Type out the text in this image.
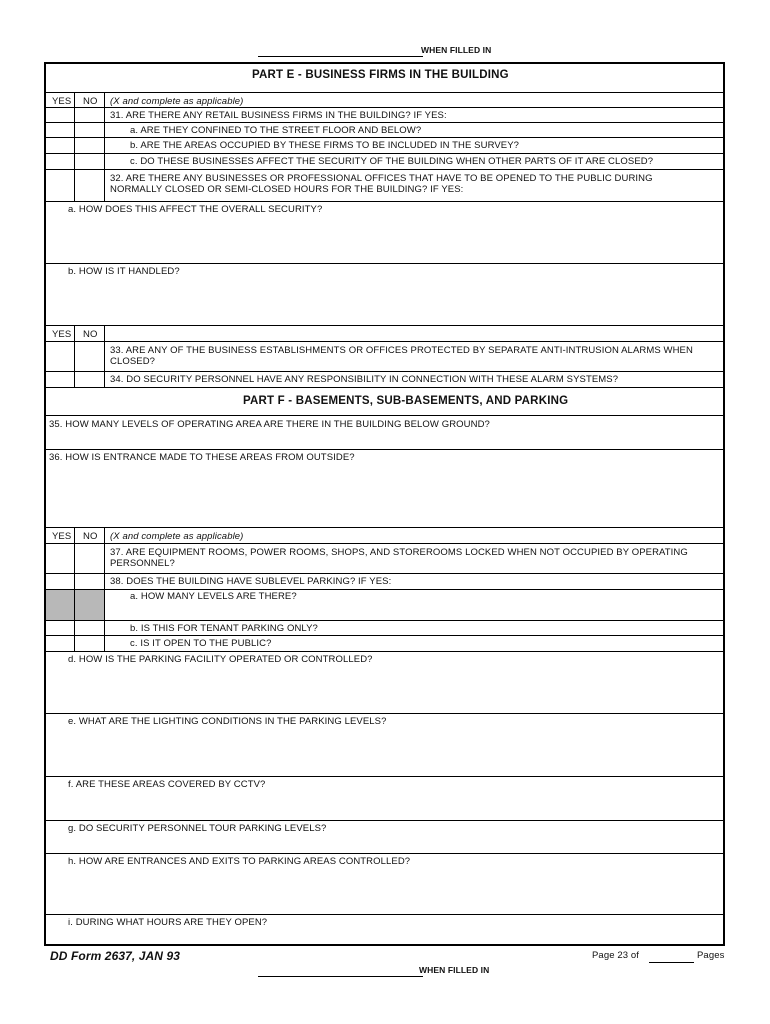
WHEN FILLED IN
PART E - BUSINESS FIRMS IN THE BUILDING
YES NO (X and complete as applicable)
31. ARE THERE ANY RETAIL BUSINESS FIRMS IN THE BUILDING? IF YES:
a. ARE THEY CONFINED TO THE STREET FLOOR AND BELOW?
b. ARE THE AREAS OCCUPIED BY THESE FIRMS TO BE INCLUDED IN THE SURVEY?
c. DO THESE BUSINESSES AFFECT THE SECURITY OF THE BUILDING WHEN OTHER PARTS OF IT ARE CLOSED?
32. ARE THERE ANY BUSINESSES OR PROFESSIONAL OFFICES THAT HAVE TO BE OPENED TO THE PUBLIC DURING NORMALLY CLOSED OR SEMI-CLOSED HOURS FOR THE BUILDING? IF YES:
a. HOW DOES THIS AFFECT THE OVERALL SECURITY?
b. HOW IS IT HANDLED?
YES NO
33. ARE ANY OF THE BUSINESS ESTABLISHMENTS OR OFFICES PROTECTED BY SEPARATE ANTI-INTRUSION ALARMS WHEN CLOSED?
34. DO SECURITY PERSONNEL HAVE ANY RESPONSIBILITY IN CONNECTION WITH THESE ALARM SYSTEMS?
PART F - BASEMENTS, SUB-BASEMENTS, AND PARKING
35. HOW MANY LEVELS OF OPERATING AREA ARE THERE IN THE BUILDING BELOW GROUND?
36. HOW IS ENTRANCE MADE TO THESE AREAS FROM OUTSIDE?
YES NO (X and complete as applicable)
37. ARE EQUIPMENT ROOMS, POWER ROOMS, SHOPS, AND STOREROOMS LOCKED WHEN NOT OCCUPIED BY OPERATING PERSONNEL?
38. DOES THE BUILDING HAVE SUBLEVEL PARKING? IF YES:
a. HOW MANY LEVELS ARE THERE?
b. IS THIS FOR TENANT PARKING ONLY?
c. IS IT OPEN TO THE PUBLIC?
d. HOW IS THE PARKING FACILITY OPERATED OR CONTROLLED?
e. WHAT ARE THE LIGHTING CONDITIONS IN THE PARKING LEVELS?
f. ARE THESE AREAS COVERED BY CCTV?
g. DO SECURITY PERSONNEL TOUR PARKING LEVELS?
h. HOW ARE ENTRANCES AND EXITS TO PARKING AREAS CONTROLLED?
i. DURING WHAT HOURS ARE THEY OPEN?
DD Form 2637, JAN 93	Page 23 of	Pages
WHEN FILLED IN
